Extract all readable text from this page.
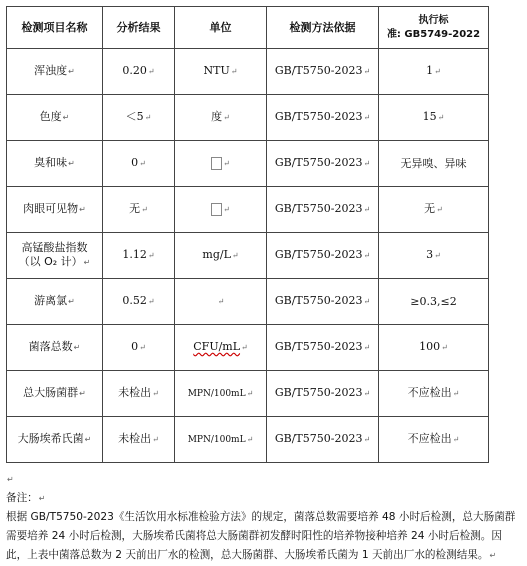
检测项目名称	分析结果	单位	检测方法依据	执行标
准: GB5749-2022

浑浊度↵	0.20↵	NTU↵	GB/T5750-2023↵	1↵
色度↵	＜5↵	度↵	GB/T5750-2023↵	15↵
臭和味↵	0↵	↵	GB/T5750-2023↵	无异嗅、异味
肉眼可见物↵	无↵	↵	GB/T5750-2023↵	无↵
高锰酸盐指数
（以 O₂ 计）↵	1.12↵	mg/L↵	GB/T5750-2023↵	3↵
游离氯↵	0.52↵	↵	GB/T5750-2023↵	≥0.3,≤2
菌落总数↵	0↵	CFU/mL↵	GB/T5750-2023↵	100↵
总大肠菌群↵	未检出↵	MPN/100mL↵	GB/T5750-2023↵	不应检出↵
大肠埃希氏菌↵	未检出↵	MPN/100mL↵	GB/T5750-2023↵	不应检出↵

↵

备注：↵

根据 GB/T5750-2023《生活饮用水标准检验方法》的规定，菌落总数需要培养 48 小时后检测，总大肠菌群需要培养 24 小时后检测，大肠埃希氏菌将总大肠菌群初发酵时阳性的培养物接种培养 24 小时后检测。因此，上表中菌落总数为 2 天前出厂水的检测，总大肠菌群、大肠埃希氏菌为 1 天前出厂水的检测结果。↵
